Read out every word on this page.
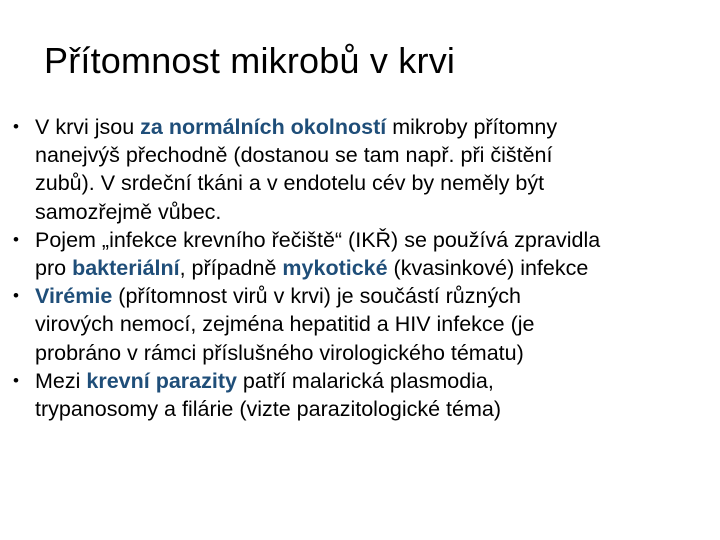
Přítomnost mikrobů v krvi
• V krvi jsou za normálních okolností mikroby přítomny
nanejvýš přechodně (dostanou se tam např. při čištění
zubů). V srdeční tkáni a v endotelu cév by neměly být
samozřejmě vůbec.
• Pojem „infekce krevního řečiště“ (IKŘ) se používá zpravidla
pro bakteriální, případně mykotické (kvasinkové) infekce
• Virémie (přítomnost virů v krvi) je součástí různých
virových nemocí, zejména hepatitid a HIV infekce (je
probráno v rámci příslušného virologického tématu)
• Mezi krevní parazity patří malarická plasmodia,
trypanosomy a filárie (vizte parazitologické téma)
